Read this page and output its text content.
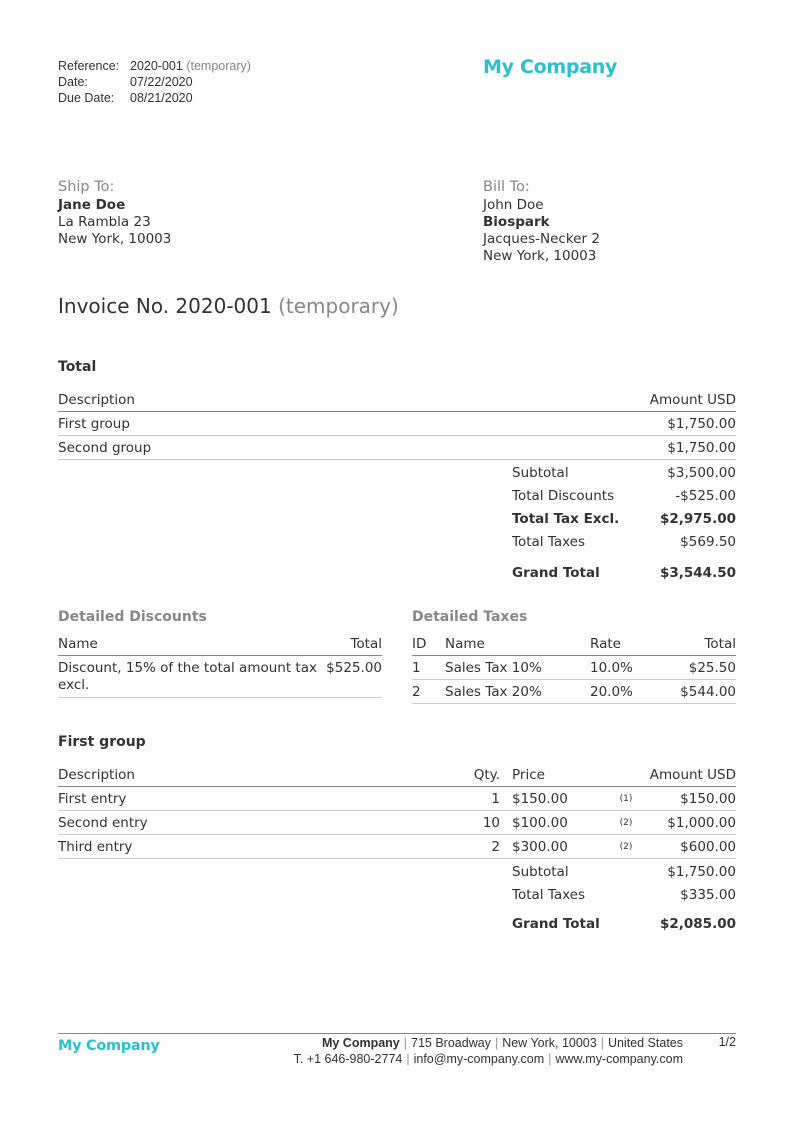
Reference: 2020-001
(temporary)
Date:	07/22/2020
Due Date:	08/21/2020
My Company
Ship To:
Jane Doe
La Rambla 23
New York, 10003
Bill To:
John Doe
Biospark
Jacques-Necker 2
New York, 10003
Invoice No. 2020-001 (temporary)
Total
Description	Amount USD
First group	$1,750.00
Second group	$1,750.00
Subtotal	$3,500.00
Total Discounts	-$525.00
Total Tax Excl.	$2,975.00
Total Taxes	$569.50
Grand Total	$3,544.50
Detailed Discounts
Name	Total
Discount, 15% of the total amount tax excl.	$525.00
Detailed Taxes
ID	Name	Rate	Total
1	Sales Tax 10%	10.0%	$25.50
2	Sales Tax 20%	20.0%	$544.00
First group
Description	Qty.		Price		Amount USD
First entry	1		$150.00	(1)	$150.00
Second entry	10		$100.00	(2)	$1,000.00
Third entry	2		$300.00	(2)	$600.00
Subtotal	$1,750.00
Total Taxes	$335.00
Grand Total	$2,085.00
My Company	My Company | 715 Broadway | New York, 10003 | United States
T. +1 646-980-2774 | info@my-company.com | www.my-company.com
1/2
